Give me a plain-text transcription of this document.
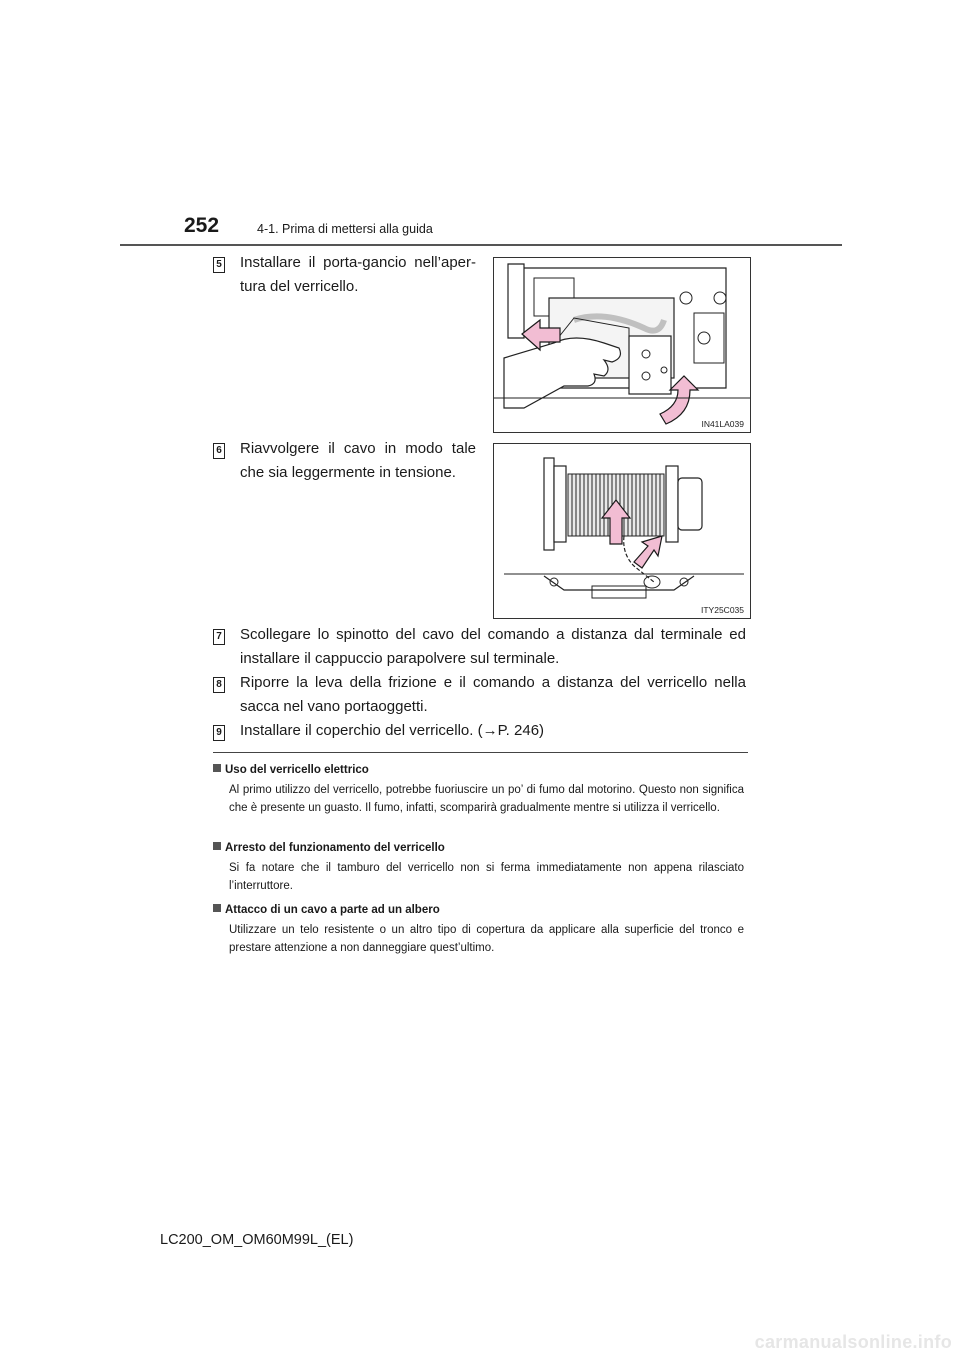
252	4-1. Prima di mettersi alla guida
5 Installare il porta-gancio nell’aper-tura del verricello.
IN41LA039
6 Riavvolgere il cavo in modo tale che sia leggermente in tensione.
ITY25C035
7 Scollegare lo spinotto del cavo del comando a distanza dal terminale ed installare il cappuccio parapolvere sul terminale.
8 Riporre la leva della frizione e il comando a distanza del verricello nella sacca nel vano portaoggetti.
9 Installare il coperchio del verricello. (→P. 246)
Uso del verricello elettrico
Al primo utilizzo del verricello, potrebbe fuoriuscire un po’ di fumo dal motorino. Questo non significa che è presente un guasto. Il fumo, infatti, scomparirà gradualmente mentre si utilizza il verricello.
Arresto del funzionamento del verricello
Si fa notare che il tamburo del verricello non si ferma immediatamente non appena rilasciato l’interruttore.
Attacco di un cavo a parte ad un albero
Utilizzare un telo resistente o un altro tipo di copertura da applicare alla superficie del tronco e prestare attenzione a non danneggiare quest’ultimo.
LC200_OM_OM60M99L_(EL)
carmanualsonline.info
